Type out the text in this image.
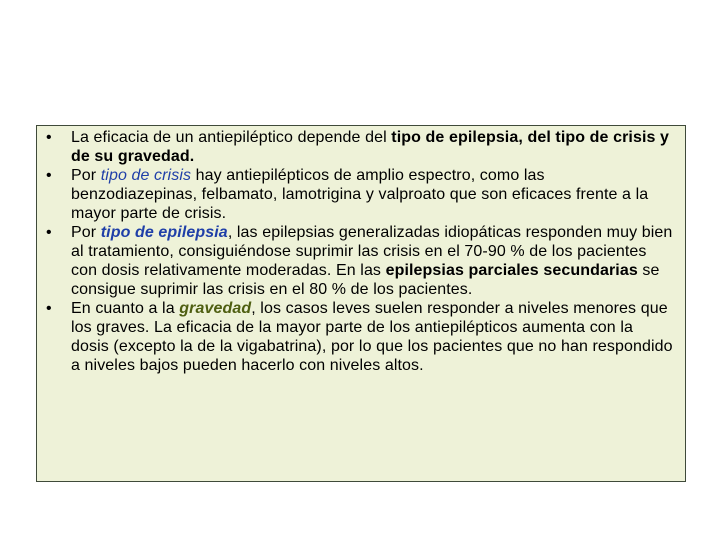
•	La eficacia de un antiepiléptico depende del tipo de epilepsia, del tipo de crisis y de su gravedad.
•	Por tipo de crisis hay antiepilépticos de amplio espectro, como las benzodiazepinas, felbamato, lamotrigina y valproato que son eficaces frente a la mayor parte de crisis.
•	Por tipo de epilepsia, las epilepsias generalizadas idiopáticas responden muy bien al tratamiento, consiguiéndose suprimir las crisis en el 70-90 % de los pacientes con dosis relativamente moderadas. En las epilepsias parciales secundarias se consigue suprimir las crisis en el 80 % de los pacientes.
•	En cuanto a la gravedad, los casos leves suelen responder a niveles menores que los graves. La eficacia de la mayor parte de los antiepilépticos aumenta con la dosis (excepto la de la vigabatrina), por lo que los pacientes que no han respondido a niveles bajos pueden hacerlo con niveles altos.
